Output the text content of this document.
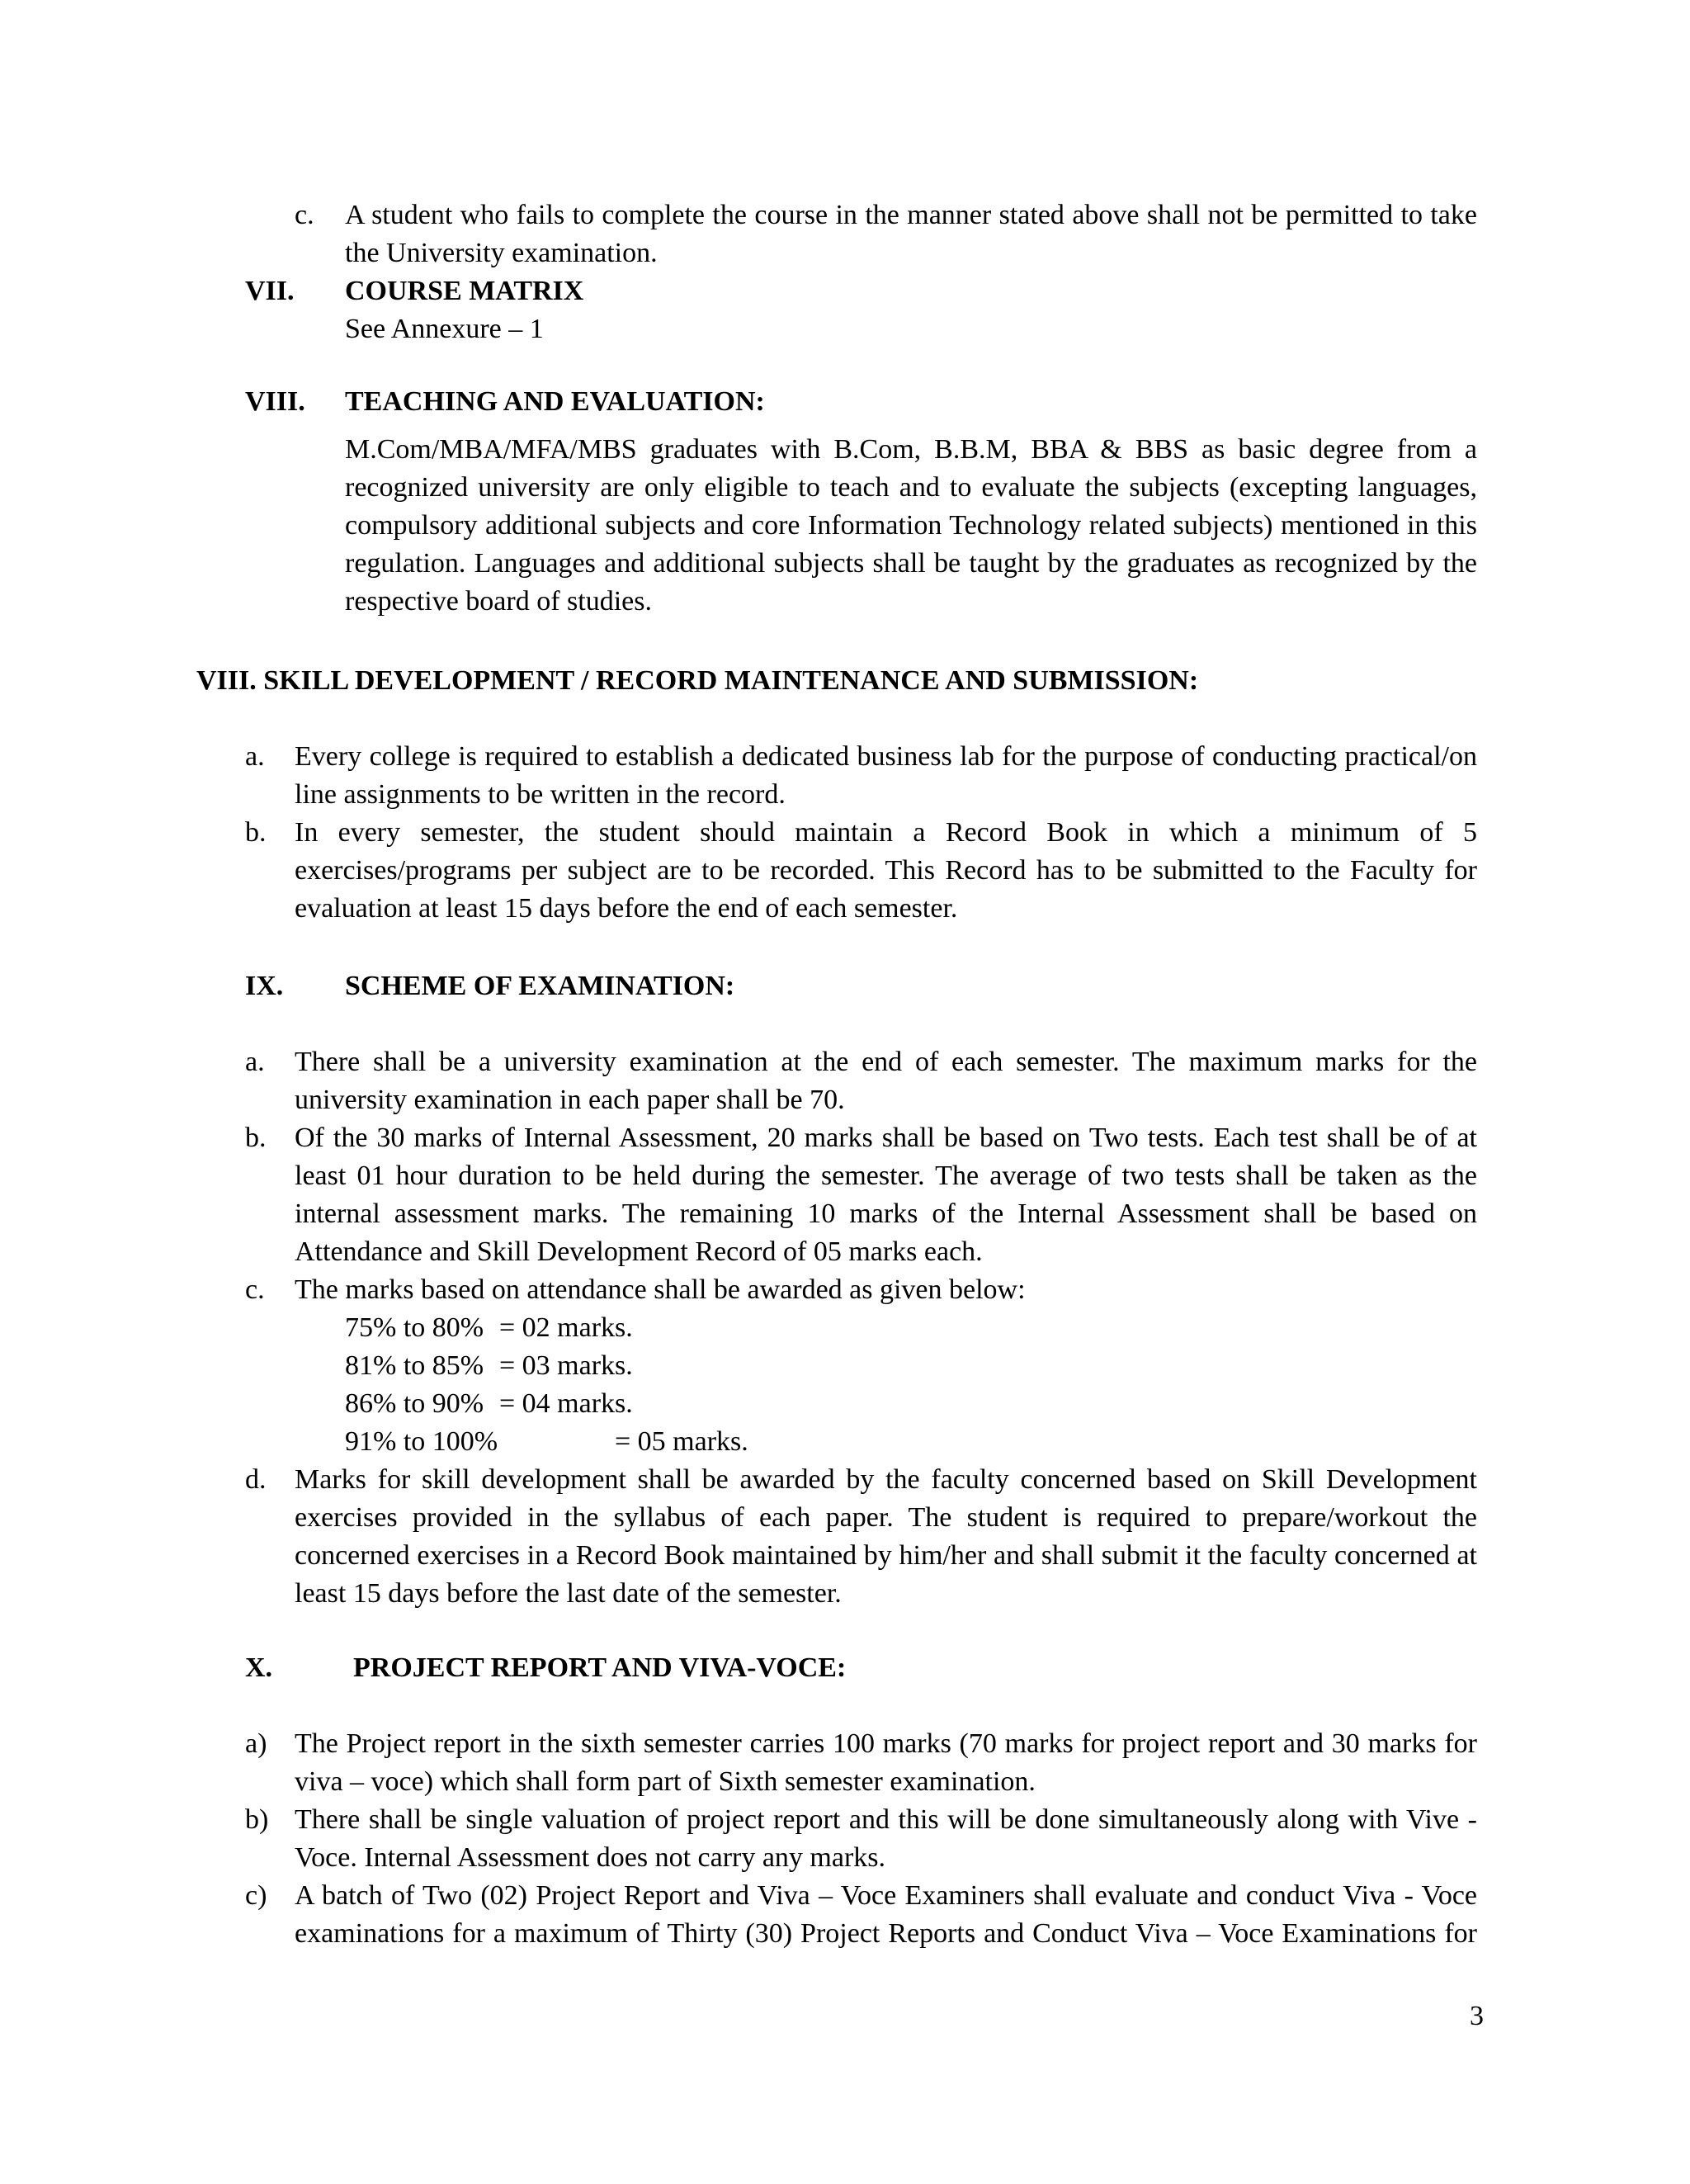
c. A student who fails to complete the course in the manner stated above shall not be permitted to take the University examination.
VII. COURSE MATRIX
See Annexure – 1
VIII. TEACHING AND EVALUATION:
M.Com/MBA/MFA/MBS graduates with B.Com, B.B.M, BBA & BBS as basic degree from a recognized university are only eligible to teach and to evaluate the subjects (excepting languages, compulsory additional subjects and core Information Technology related subjects) mentioned in this regulation. Languages and additional subjects shall be taught by the graduates as recognized by the respective board of studies.
VIII. SKILL DEVELOPMENT / RECORD MAINTENANCE AND SUBMISSION:
a. Every college is required to establish a dedicated business lab for the purpose of conducting practical/on line assignments to be written in the record.
b. In every semester, the student should maintain a Record Book in which a minimum of 5 exercises/programs per subject are to be recorded. This Record has to be submitted to the Faculty for evaluation at least 15 days before the end of each semester.
IX. SCHEME OF EXAMINATION:
a. There shall be a university examination at the end of each semester. The maximum marks for the university examination in each paper shall be 70.
b. Of the 30 marks of Internal Assessment, 20 marks shall be based on Two tests. Each test shall be of at least 01 hour duration to be held during the semester. The average of two tests shall be taken as the internal assessment marks. The remaining 10 marks of the Internal Assessment shall be based on Attendance and Skill Development Record of 05 marks each.
c. The marks based on attendance shall be awarded as given below:
75% to 80% = 02 marks.
81% to 85% = 03 marks.
86% to 90% = 04 marks.
91% to 100%	= 05 marks.
d. Marks for skill development shall be awarded by the faculty concerned based on Skill Development exercises provided in the syllabus of each paper. The student is required to prepare/workout the concerned exercises in a Record Book maintained by him/her and shall submit it the faculty concerned at least 15 days before the last date of the semester.
X.	PROJECT REPORT AND VIVA-VOCE:
a) The Project report in the sixth semester carries 100 marks (70 marks for project report and 30 marks for viva – voce) which shall form part of Sixth semester examination.
b) There shall be single valuation of project report and this will be done simultaneously along with Vive - Voce. Internal Assessment does not carry any marks.
c) A batch of Two (02) Project Report and Viva – Voce Examiners shall evaluate and conduct Viva - Voce examinations for a maximum of Thirty (30) Project Reports and Conduct Viva – Voce Examinations for
3
